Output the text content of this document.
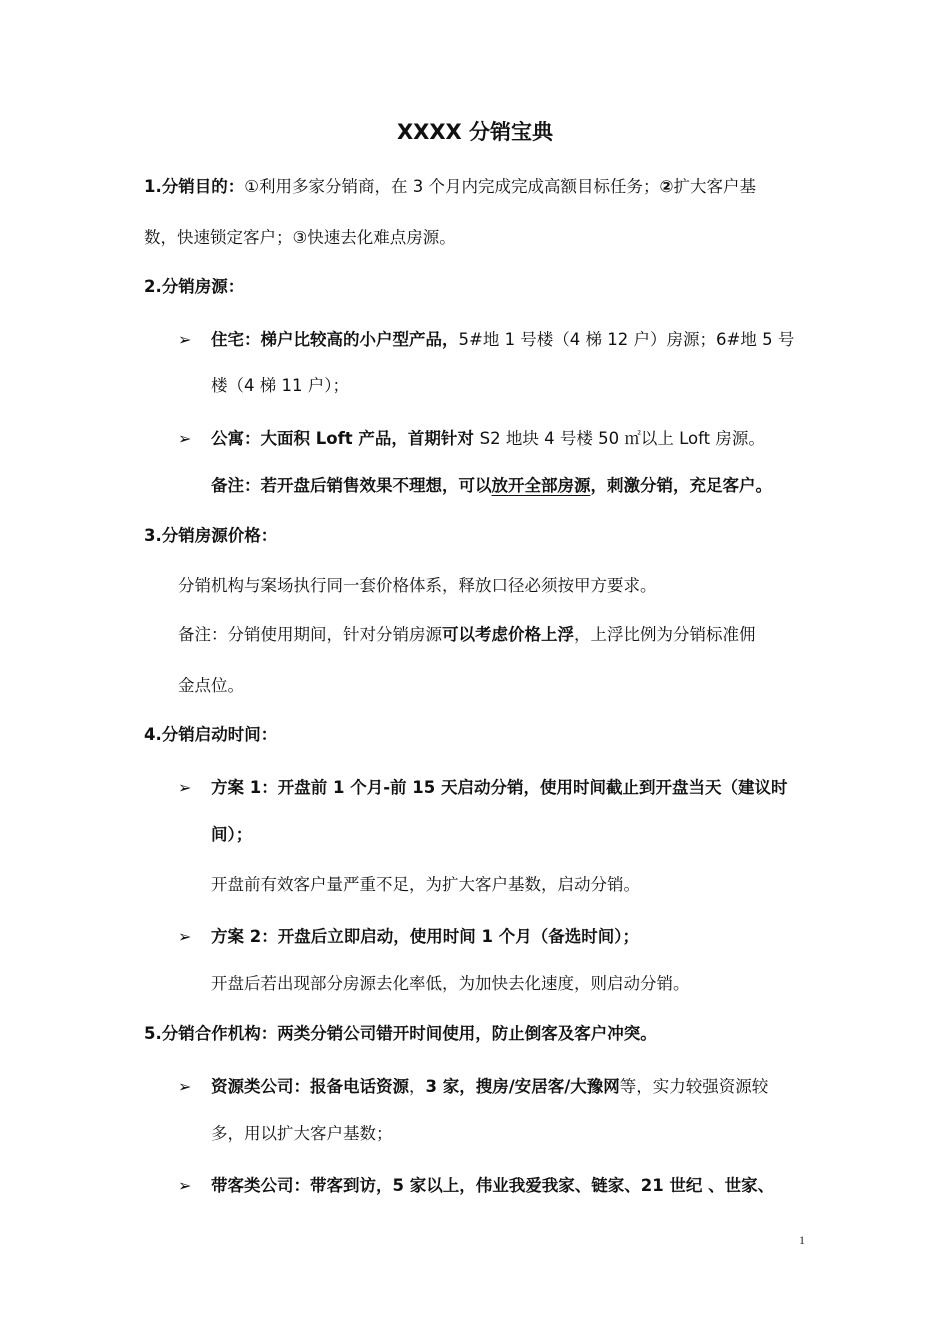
XXXX 分销宝典
1.分销目的：①利用多家分销商，在 3 个月内完成完成高额目标任务；②扩大客户基
数，快速锁定客户；③快速去化难点房源。
2.分销房源：
➢ 住宅：梯户比较高的小户型产品，5#地 1 号楼（4 梯 12 户）房源；6#地 5 号
楼（4 梯 11 户）；
➢ 公寓：大面积 Loft 产品，首期针对 S2 地块 4 号楼 50 ㎡以上 Loft 房源。
备注：若开盘后销售效果不理想，可以放开全部房源，刺激分销，充足客户。
3.分销房源价格：
分销机构与案场执行同一套价格体系，释放口径必须按甲方要求。
备注：分销使用期间，针对分销房源可以考虑价格上浮，上浮比例为分销标准佣
金点位。
4.分销启动时间：
➢ 方案 1：开盘前 1 个月-前 15 天启动分销，使用时间截止到开盘当天（建议时
间）；
开盘前有效客户量严重不足，为扩大客户基数，启动分销。
➢ 方案 2：开盘后立即启动，使用时间 1 个月（备选时间）；
开盘后若出现部分房源去化率低，为加快去化速度，则启动分销。
5.分销合作机构：两类分销公司错开时间使用，防止倒客及客户冲突。
➢ 资源类公司：报备电话资源，3 家，搜房/安居客/大豫网等，实力较强资源较
多，用以扩大客户基数；
➢ 带客类公司：带客到访，5 家以上，伟业我爱我家、链家、21 世纪 、世家、
1
